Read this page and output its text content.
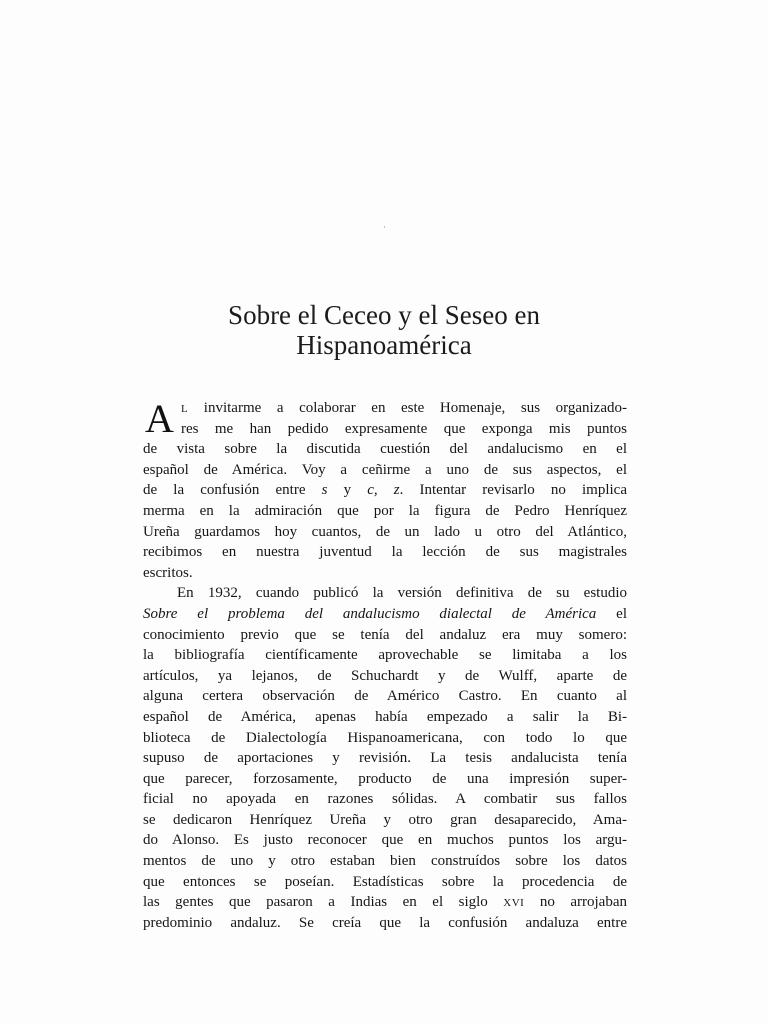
·
Sobre el Ceceo y el Seseo en
Hispanoamérica
A L invitarme a colaborar en este Homenaje, sus organizado-
res me han pedido expresamente que exponga mis puntos
de vista sobre la discutida cuestión del andalucismo en el
español de América. Voy a ceñirme a uno de sus aspectos, el
de la confusión entre s y c, z. Intentar revisarlo no implica
merma en la admiración que por la figura de Pedro Henríquez
Ureña guardamos hoy cuantos, de un lado u otro del Atlántico,
recibimos en nuestra juventud la lección de sus magistrales
escritos.
En 1932, cuando publicó la versión definitiva de su estudio
Sobre el problema del andalucismo dialectal de América el
conocimiento previo que se tenía del andaluz era muy somero:
la bibliografía científicamente aprovechable se limitaba a los
artículos, ya lejanos, de Schuchardt y de Wulff, aparte de
alguna certera observación de Américo Castro. En cuanto al
español de América, apenas había empezado a salir la Bi-
blioteca de Dialectología Hispanoamericana, con todo lo que
supuso de aportaciones y revisión. La tesis andalucista tenía
que parecer, forzosamente, producto de una impresión super-
ficial no apoyada en razones sólidas. A combatir sus fallos
se dedicaron Henríquez Ureña y otro gran desaparecido, Ama-
do Alonso. Es justo reconocer que en muchos puntos los argu-
mentos de uno y otro estaban bien construídos sobre los datos
que entonces se poseían. Estadísticas sobre la procedencia de
las gentes que pasaron a Indias en el siglo XVI no arrojaban
predominio andaluz. Se creía que la confusión andaluza entre
